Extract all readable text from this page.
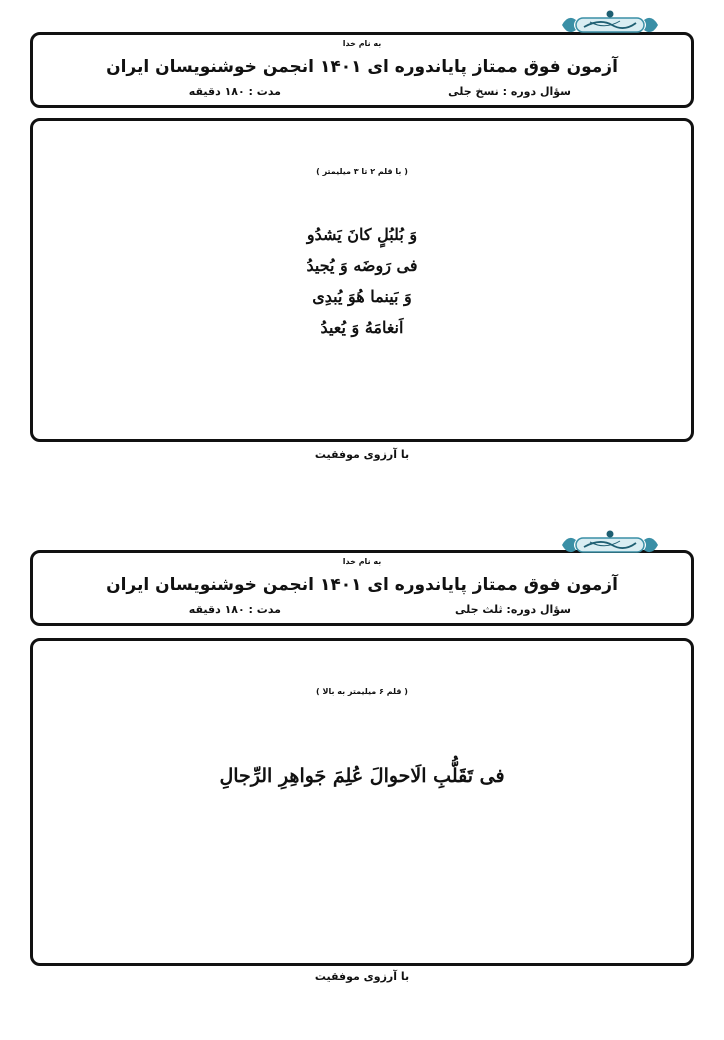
به نام خدا
آزمون فوق ممتاز پایاندوره ای ۱۴۰۱ انجمن خوشنویسان ایران
سؤال دوره : نسخ جلی
مدت : ۱۸۰ دقیقه
( با قلم ۲ تا ۳ میلیمتر )
وَ بُلبُلٍ کانَ یَشدُو
فی رَوضَه وَ یُجیدُ
وَ بَینما هُوَ یُبدِی
اَنغامَهُ وَ یُعیدُ
با آرزوی موفقیت
به نام خدا
آزمون فوق ممتاز پایاندوره ای ۱۴۰۱ انجمن خوشنویسان ایران
سؤال دوره: ثلث جلی
مدت : ۱۸۰ دقیقه
( قلم ۶ میلیمتر به بالا )
فی تَقَلُّبِ الَاحوالَ عُلِمَ جَواهِرِ الرِّجالِ
با آرزوی موفقیت
